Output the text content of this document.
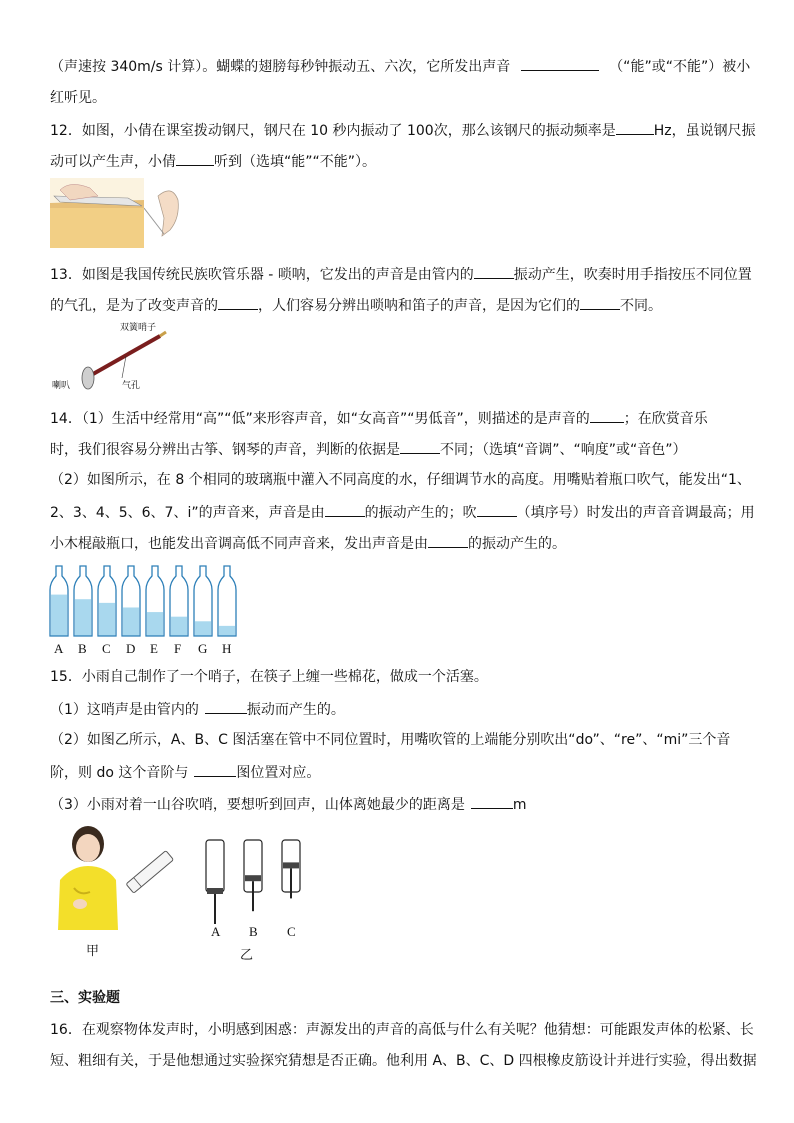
（声速按 340m/s 计算）。蝴蝶的翅膀每秒钟振动五、六次，它所发出声音	（“能”或“不能”）被小
红听见。
12．如图，小倩在课室拨动钢尺，钢尺在 10 秒内振动了 100次，那么该钢尺的振动频率是	Hz，虽说钢尺振
动可以产生声，小倩	听到（选填“能”“不能”）。
13．如图是我国传统民族吹管乐器 - 唢呐，它发出的声音是由管内的	振动产生，吹奏时用手指按压不同位置
的气孔，是为了改变声音的	，人们容易分辨出唢呐和笛子的声音，是因为它们的	不同。
双簧哨子
喇叭	气孔
14．（1）生活中经常用“高”“低”来形容声音，如“女高音”“男低音”，则描述的是声音的 ；在欣赏音乐
时，我们很容易分辨出古筝、钢琴的声音，判断的依据是	不同；（选填“音调”、“响度”或“音色”）
（2）如图所示，在 8 个相同的玻璃瓶中灌入不同高度的水，仔细调节水的高度。用嘴贴着瓶口吹气，能发出“1、
2、3、4、5、6、7、i”的声音来，声音是由	的振动产生的；吹	（填序号）时发出的声音音调最高；用
小木棍敲瓶口，也能发出音调高低不同声音来，发出声音是由	的振动产生的。
A B C D E F G H
15．小雨自己制作了一个哨子，在筷子上缠一些棉花，做成一个活塞。
（1）这哨声是由管内的	振动而产生的。
（2）如图乙所示，A、B、C 图活塞在管中不同位置时，用嘴吹管的上端能分别吹出“do”、“re”、“mi”三个音
阶，则 do 这个音阶与	图位置对应。
（3）小雨对着一山谷吹哨，要想听到回声，山体离她最少的距离是	m
甲
A B C
乙
三、实验题
16．在观察物体发声时，小明感到困惑：声源发出的声音的高低与什么有关呢？他猜想：可能跟发声体的松紧、长
短、粗细有关，于是他想通过实验探究猜想是否正确。他利用 A、B、C、D 四根橡皮筋设计并进行实验，得出数据
